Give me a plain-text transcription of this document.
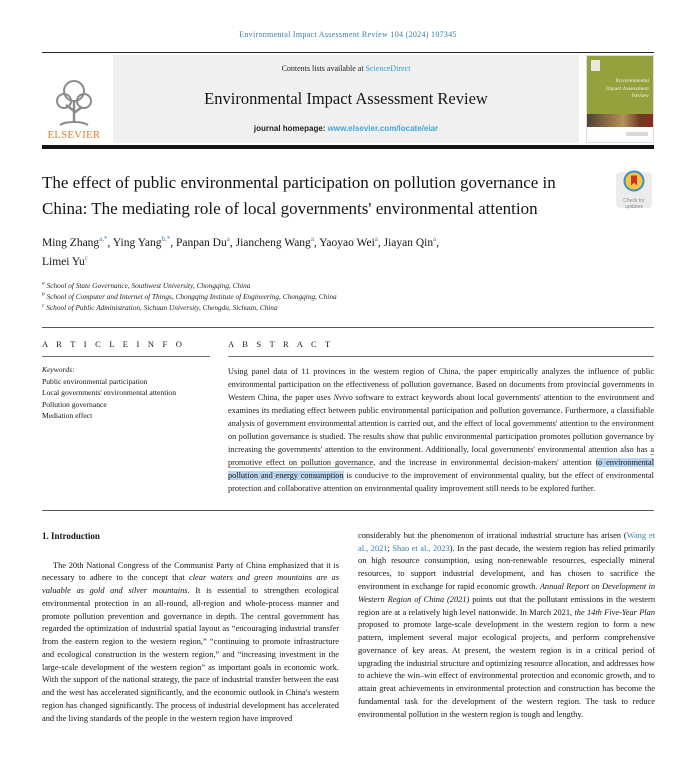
Environmental Impact Assessment Review 104 (2024) 107345
ELSEVIER
Contents lists available at ScienceDirect
Environmental Impact Assessment Review
journal homepage: www.elsevier.com/locate/eiar
Environmental Impact Assessment Review
The effect of public environmental participation on pollution governance in China: The mediating role of local governments' environmental attention	Check for updates
Ming Zhang$^{a,*}$, Ying Yang$^{b,*}$, Panpan Du$^a$, Jiancheng Wang$^a$, Yaoyao Wei$^a$, Jiayan Qin$^a$,
Limei Yu$^c$
$^a$ School of State Governance, Southwest University, Chongqing, China
$^b$ School of Computer and Internet of Things, Chongqing Institute of Engineering, Chongqing, China
$^c$ School of Public Administration, Sichuan University, Chengdu, Sichuan, China
A R T I C L E I N F O
Keywords:
Public environmental participation
Local governments' environmental attention
Pollution governance
Mediation effect
A B S T R A C T

Using panel data of 11 provinces in the western region of China, the paper empirically analyzes the influence of public environmental participation on the effectiveness of pollution governance. Based on documents from provincial governments in Western China, the paper uses Nvivo software to extract keywords about local governments' attention to the environment and examines its mediating effect between public environmental participation and pollution governance. Furthermore, a classifiable analysis of government environmental attention is carried out, and the effect of local governments' attention to the environment on pollution governance is studied. The results show that public environmental participation promotes pollution governance by increasing the governments' attention to the environment. Additionally, local governments' environmental attention also has a promotive effect on pollution governance, and the increase in environmental decision-makers' attention to environmental pollution and energy consumption is conducive to the improvement of environmental quality, but the effect of environmental protection and collaborative attention on environmental quality improvement still needs to be explored further.

1. Introduction

The 20th National Congress of the Communist Party of China emphasized that it is necessary to adhere to the concept that clear waters and green mountains are as valuable as gold and silver mountains. It is essential to strengthen ecological environmental protection in an all-round, all-region and whole-process manner and promote pollution prevention and governance in depth. The central government has regarded the optimization of industrial spatial layout as “encouraging industrial transfer from the eastern region to the western region,” “continuing to promote infrastructure and ecological construction in the western region,” and “increasing investment in the large-scale development of the western region” as important goals in economic work. With the support of the national strategy, the pace of industrial transfer between the east and the west has accelerated significantly, and the economic outlook in China's western region has changed significantly. The process of industrial development has accelerated and the living standards of the people in the western region have improved

considerably but the phenomenon of irrational industrial structure has arisen (Wang et al., 2021; Shao et al., 2023). In the past decade, the western region has relied primarily on high resource consumption, using non-renewable resources, especially mineral resources, to support industrial development, and has chosen to sacrifice the environment in exchange for rapid economic growth. Annual Report on Development in Western Region of China (2021) points out that the pollutant emissions in the western region are at a relatively high level nationwide. In March 2021, the 14th Five-Year Plan proposed to promote large-scale development in the western region to form a new pattern, implement several major ecological projects, and perform comprehensive governance of key areas. At present, the western region is in a critical period of upgrading the industrial structure and optimizing resource allocation, and addresses how to achieve the win–win effect of environmental protection and economic growth, and to attain great achievements in environmental protection and construction has become the fundamental task for the development of the western region. The task to reduce environmental pollution in the western region is tough and lengthy.
